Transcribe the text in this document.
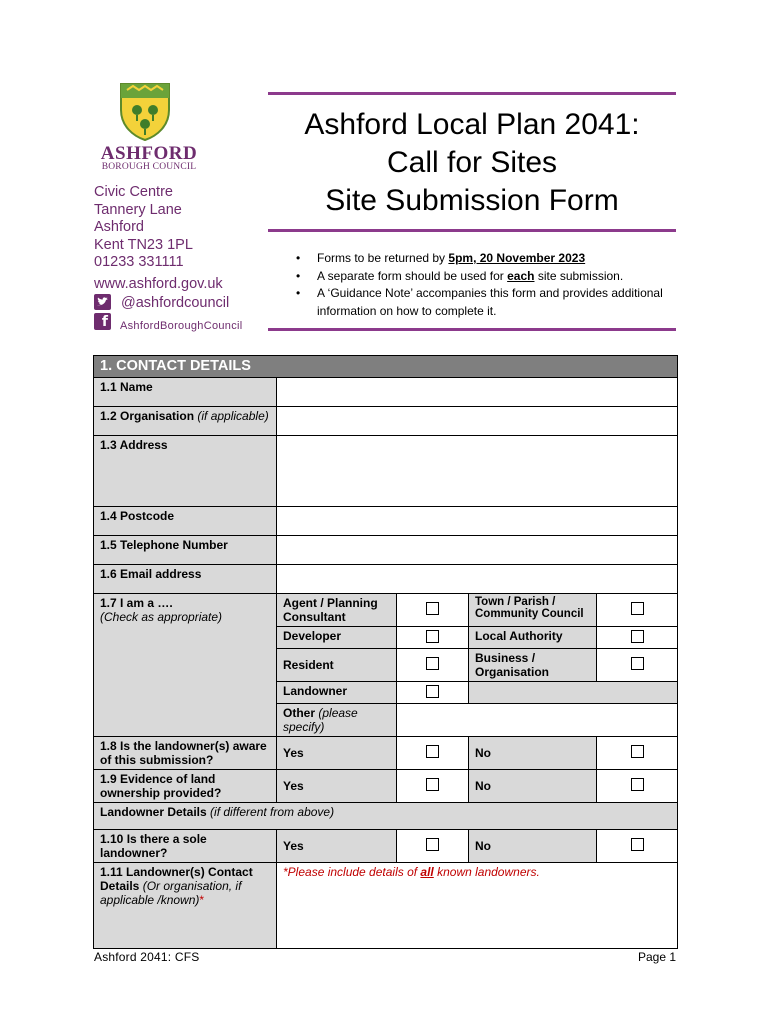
ASHFORD
BOROUGH COUNCIL
Civic Centre
Tannery Lane
Ashford
Kent TN23 1PL
01233 331111
www.ashford.gov.uk
@ashfordcouncil
f AshfordBoroughCouncil
Ashford Local Plan 2041:
Call for Sites
Site Submission Form
• Forms to be returned by 5pm, 20 November 2023
• A separate form should be used for each site submission.
• A ‘Guidance Note’ accompanies this form and provides additional information on how to complete it.
1. CONTACT DETAILS				
1.1 Name				
1.2 Organisation (if applicable)				
1.3 Address				
1.4 Postcode				
1.5 Telephone Number				
1.6 Email address				

1.7 I am a ….
(Check as appropriate)	Agent / Planning Consultant		Town / Parish / Community Council	
	Developer		Local Authority	
	Resident		Business / Organisation	
	Landowner			
	Other (please specify)			
1.8 Is the landowner(s) aware of this submission?	Yes		No	
1.9 Evidence of land ownership provided?	Yes		No	
Landowner Details (if different from above)				
1.10 Is there a sole landowner?	Yes		No	
1.11 Landowner(s) Contact Details (Or organisation, if applicable /known)*	*Please include details of all known landowners.			
Ashford 2041: CFS	Page 1
